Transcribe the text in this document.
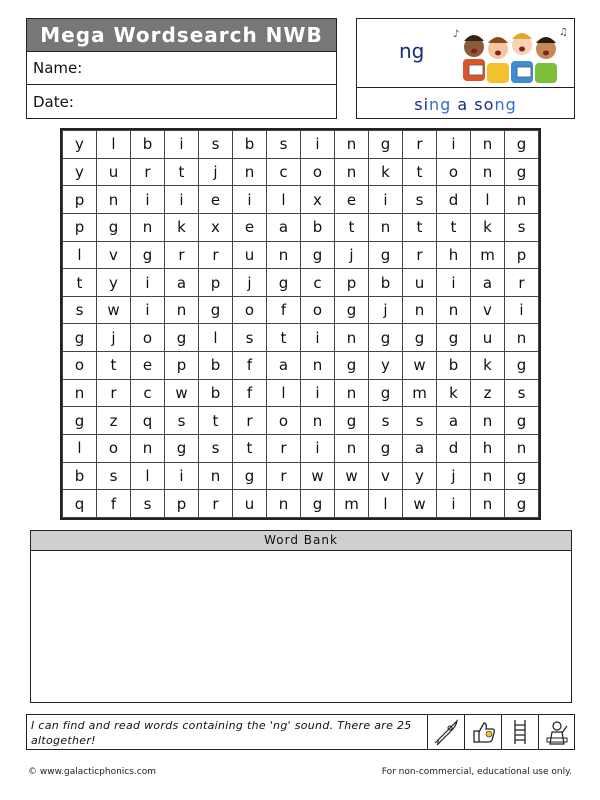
Mega Wordsearch NWB
Name:
Date:
ng
♪	♫
si ng a so ng
y	l	b	i	s	b	s	i	n	g	r	i	n	g
y	u	r	t	j	n	c	o	n	k	t	o	n	g
p	n	i	i	e	i	l	x	e	i	s	d	l	n
p	g	n	k	x	e	a	b	t	n	t	t	k	s
l	v	g	r	r	u	n	g	j	g	r	h	m	p
t	y	i	a	p	j	g	c	p	b	u	i	a	r
s	w	i	n	g	o	f	o	g	j	n	n	v	i
g	j	o	g	l	s	t	i	n	g	g	g	u	n
o	t	e	p	b	f	a	n	g	y	w	b	k	g
n	r	c	w	b	f	l	i	n	g	m	k	z	s
g	z	q	s	t	r	o	n	g	s	s	a	n	g
l	o	n	g	s	t	r	i	n	g	a	d	h	n
b	s	l	i	n	g	r	w	w	v	y	j	n	g
q	f	s	p	r	u	n	g	m	l	w	i	n	g
Word Bank
I can find and read words containing the 'ng' sound. There are 25 altogether!
© www.galacticphonics.com	For non-commercial, educational use only.
